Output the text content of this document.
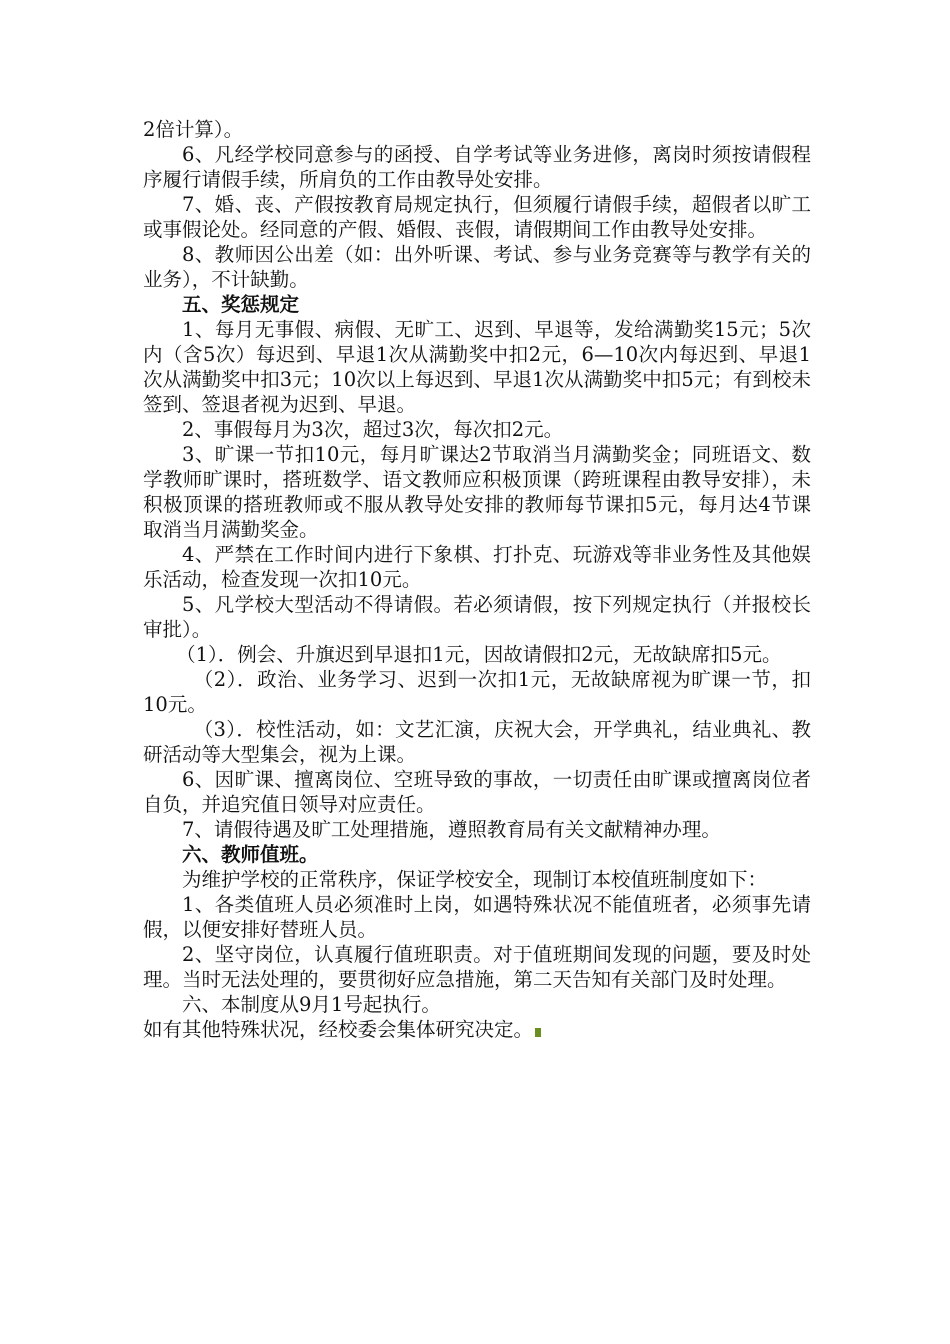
2倍计算）。

6、凡经学校同意参与的函授、自学考试等业务进修，离岗时须按请假程序履行请假手续，所肩负的工作由教导处安排。

7、婚、丧、产假按教育局规定执行，但须履行请假手续，超假者以旷工或事假论处。经同意的产假、婚假、丧假，请假期间工作由教导处安排。

8、教师因公出差（如：出外听课、考试、参与业务竞赛等与教学有关的业务），不计缺勤。

五、奖惩规定

1、每月无事假、病假、无旷工、迟到、早退等，发给满勤奖15元；5次内（含5次）每迟到、早退1次从满勤奖中扣2元，6—10次内每迟到、早退1次从满勤奖中扣3元；10次以上每迟到、早退1次从满勤奖中扣5元；有到校未签到、签退者视为迟到、早退。

2、事假每月为3次，超过3次，每次扣2元。

3、旷课一节扣10元，每月旷课达2节取消当月满勤奖金；同班语文、数学教师旷课时，搭班数学、语文教师应积极顶课（跨班课程由教导安排），未积极顶课的搭班教师或不服从教导处安排的教师每节课扣5元，每月达4节课取消当月满勤奖金。

4、严禁在工作时间内进行下象棋、打扑克、玩游戏等非业务性及其他娱乐活动，检查发现一次扣10元。

5、凡学校大型活动不得请假。若必须请假，按下列规定执行（并报校长审批）。

（1）．例会、升旗迟到早退扣1元，因故请假扣2元，无故缺席扣5元。

（2）．政治、业务学习、迟到一次扣1元，无故缺席视为旷课一节，扣10元。

（3）．校性活动，如：文艺汇演，庆祝大会，开学典礼，结业典礼、教研活动等大型集会，视为上课。

6、因旷课、擅离岗位、空班导致的事故，一切责任由旷课或擅离岗位者自负，并追究值日领导对应责任。

7、请假待遇及旷工处理措施，遵照教育局有关文献精神办理。

六、教师值班。

为维护学校的正常秩序，保证学校安全，现制订本校值班制度如下：

1、各类值班人员必须准时上岗，如遇特殊状况不能值班者，必须事先请假，以便安排好替班人员。

2、坚守岗位，认真履行值班职责。对于值班期间发现的问题，要及时处理。当时无法处理的，要贯彻好应急措施，第二天告知有关部门及时处理。

六、本制度从9月1号起执行。

如有其他特殊状况，经校委会集体研究决定。
